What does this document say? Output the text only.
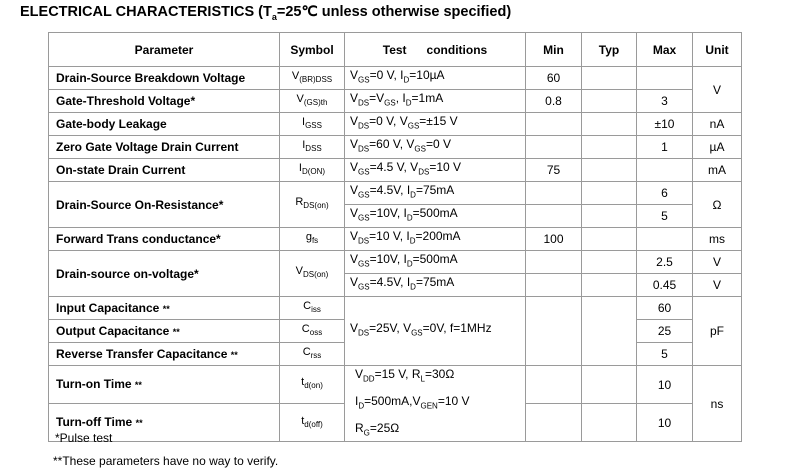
ELECTRICAL CHARACTERISTICS ($T_a=25℃$ unless otherwise specified)
Parameter	Symbol	Test      conditions	Min	Typ	Max	Unit
Drain-Source Breakdown Voltage	$V_{(BR)DSS}$	$V_{GS}=0$ V, $I_D=10\mu A$	60			V
Gate-Threshold Voltage*	$V_{(GS)th}$	$V_{DS}=V_{GS}$, $I_D=1mA$	0.8		3	
Gate-body Leakage	$I_{GSS}$	$V_{DS}=0$ V, $V_{GS}=\pm 15$ V			±10	nA
Zero Gate Voltage Drain Current	$I_{DSS}$	$V_{DS}=60$ V, $V_{GS}=0$ V			1	µA
On-state Drain Current	$I_{D(ON)}$	$V_{GS}=4.5$ V, $V_{DS}=10$ V	75			mA
Drain-Source On-Resistance*	$R_{DS(on)}$	$V_{GS}=4.5V$, $I_D=75mA$			6	Ω
		$V_{GS}=10V$, $I_D=500mA$			5	
Forward Trans conductance*	$g_{fs}$	$V_{DS}=10$ V, $I_D=200mA$	100			ms
Drain-source on-voltage*	$V_{DS(on)}$	$V_{GS}=10V$, $I_D=500mA$			2.5	V
		$V_{GS}=4.5V$, $I_D=75mA$			0.45	V
Input Capacitance **	$C_{iss}$	$V_{DS}=25V$, $V_{GS}=0V$, f=1MHz			60	pF
Output Capacitance **	$C_{oss}$				25	
Reverse Transfer Capacitance **	$C_{rss}$				5	
Turn-on Time **	$t_{d(on)}$	$V_{DD}=15$ V, $R_L=30\Omega$
$I_D=500mA,V_{GEN}=10$ V
$R_G=25\Omega$			10	ns
Turn-off Time **	$t_{d(off)}$				10	
*Pulse test
**These parameters have no way to verify.
